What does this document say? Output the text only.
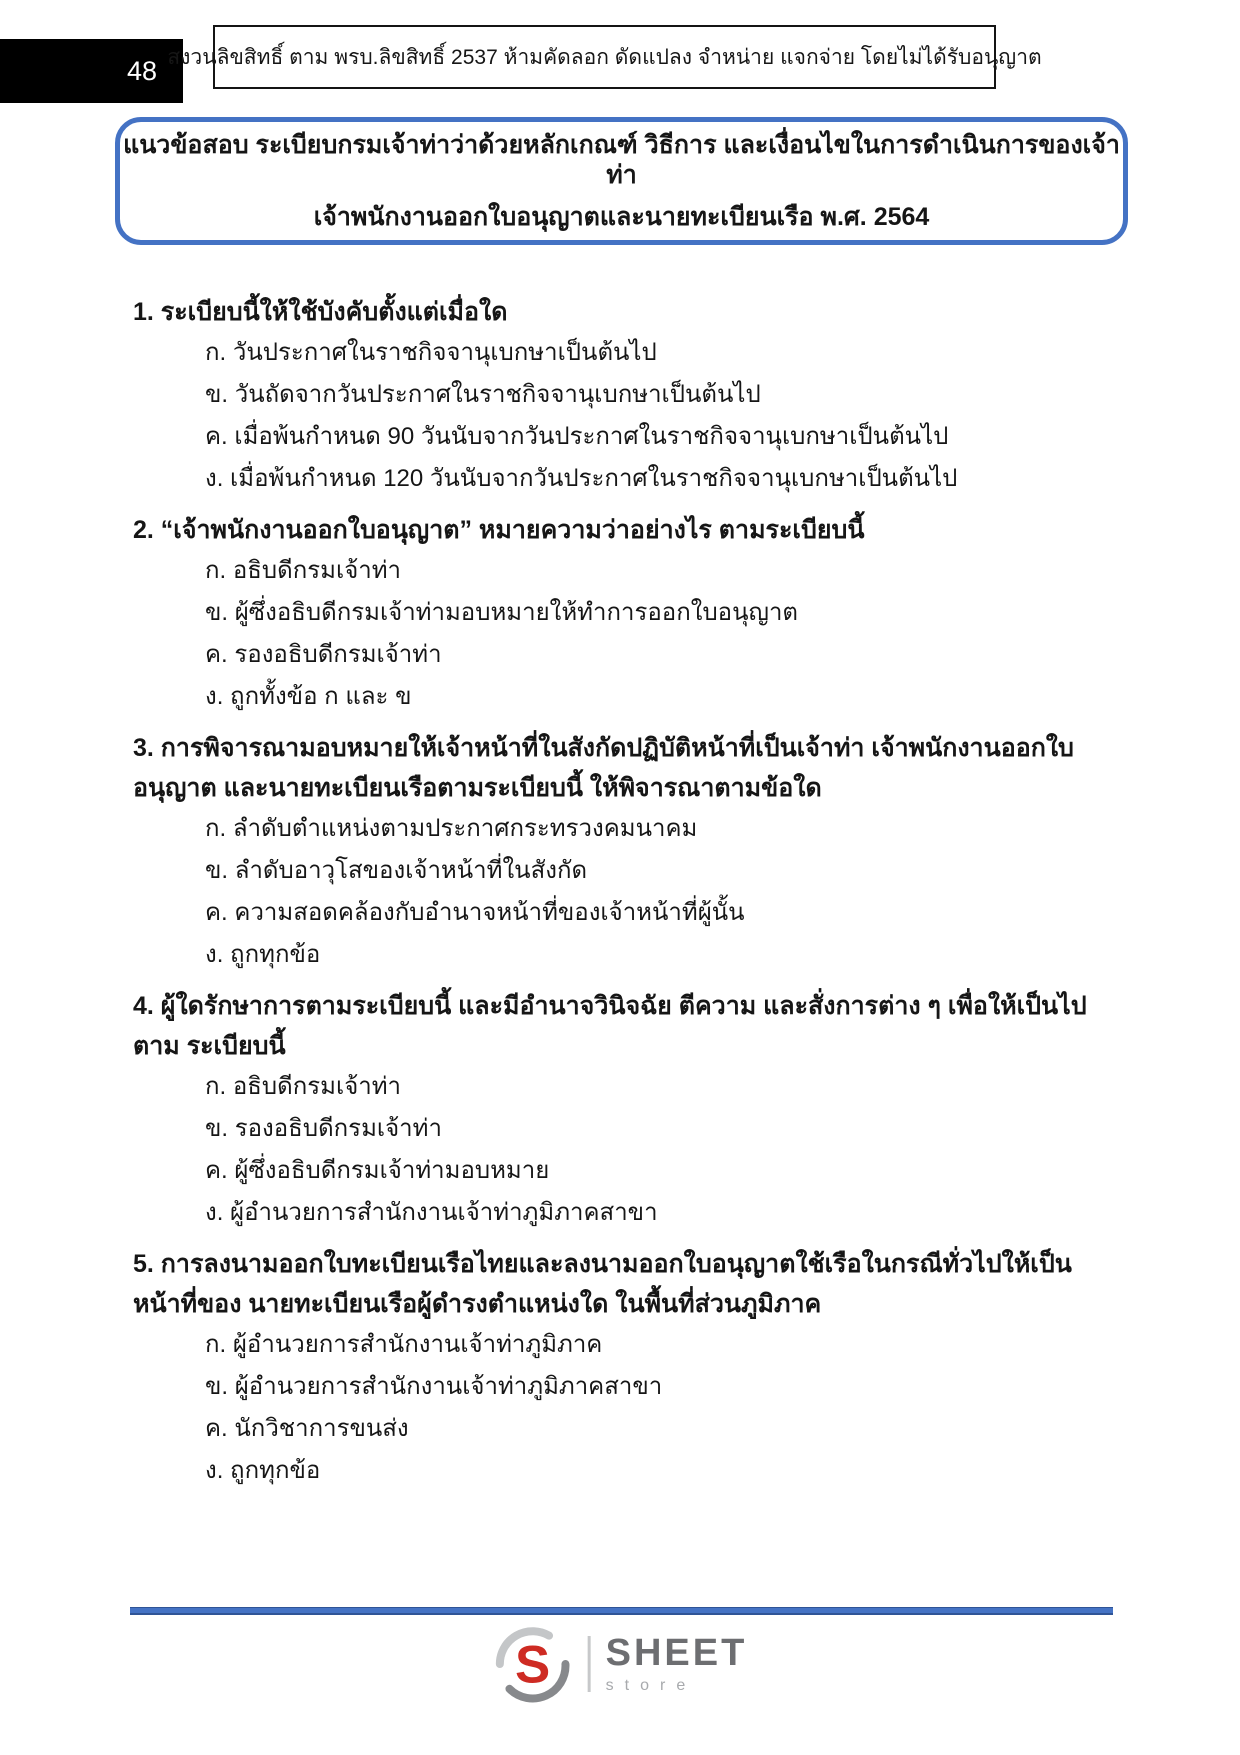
48 สงวนลิขสิทธิ์ ตาม พรบ.ลิขสิทธิ์ 2537 ห้ามคัดลอก ดัดแปลง จำหน่าย แจกจ่าย โดยไม่ได้รับอนุญาต
แนวข้อสอบ ระเบียบกรมเจ้าท่าว่าด้วยหลักเกณฑ์ วิธีการ และเงื่อนไขในการดำเนินการของเจ้าท่า
เจ้าพนักงานออกใบอนุญาตและนายทะเบียนเรือ พ.ศ. 2564
1. ระเบียบนี้ให้ใช้บังคับตั้งแต่เมื่อใด
ก. วันประกาศในราชกิจจานุเบกษาเป็นต้นไป
ข. วันถัดจากวันประกาศในราชกิจจานุเบกษาเป็นต้นไป
ค. เมื่อพ้นกำหนด 90 วันนับจากวันประกาศในราชกิจจานุเบกษาเป็นต้นไป
ง. เมื่อพ้นกำหนด 120 วันนับจากวันประกาศในราชกิจจานุเบกษาเป็นต้นไป
2. “เจ้าพนักงานออกใบอนุญาต” หมายความว่าอย่างไร ตามระเบียบนี้
ก. อธิบดีกรมเจ้าท่า
ข. ผู้ซึ่งอธิบดีกรมเจ้าท่ามอบหมายให้ทำการออกใบอนุญาต
ค. รองอธิบดีกรมเจ้าท่า
ง. ถูกทั้งข้อ ก และ ข
3. การพิจารณามอบหมายให้เจ้าหน้าที่ในสังกัดปฏิบัติหน้าที่เป็นเจ้าท่า เจ้าพนักงานออกใบอนุญาต และนายทะเบียนเรือตามระเบียบนี้ ให้พิจารณาตามข้อใด
ก. ลำดับตำแหน่งตามประกาศกระทรวงคมนาคม
ข. ลำดับอาวุโสของเจ้าหน้าที่ในสังกัด
ค. ความสอดคล้องกับอำนาจหน้าที่ของเจ้าหน้าที่ผู้นั้น
ง. ถูกทุกข้อ
4. ผู้ใดรักษาการตามระเบียบนี้ และมีอำนาจวินิจฉัย ตีความ และสั่งการต่าง ๆ เพื่อให้เป็นไปตาม ระเบียบนี้
ก. อธิบดีกรมเจ้าท่า
ข. รองอธิบดีกรมเจ้าท่า
ค. ผู้ซึ่งอธิบดีกรมเจ้าท่ามอบหมาย
ง. ผู้อำนวยการสำนักงานเจ้าท่าภูมิภาคสาขา
5. การลงนามออกใบทะเบียนเรือไทยและลงนามออกใบอนุญาตใช้เรือในกรณีทั่วไปให้เป็นหน้าที่ของ นายทะเบียนเรือผู้ดำรงตำแหน่งใด ในพื้นที่ส่วนภูมิภาค
ก. ผู้อำนวยการสำนักงานเจ้าท่าภูมิภาค
ข. ผู้อำนวยการสำนักงานเจ้าท่าภูมิภาคสาขา
ค. นักวิชาการขนส่ง
ง. ถูกทุกข้อ
S SHEET
store
